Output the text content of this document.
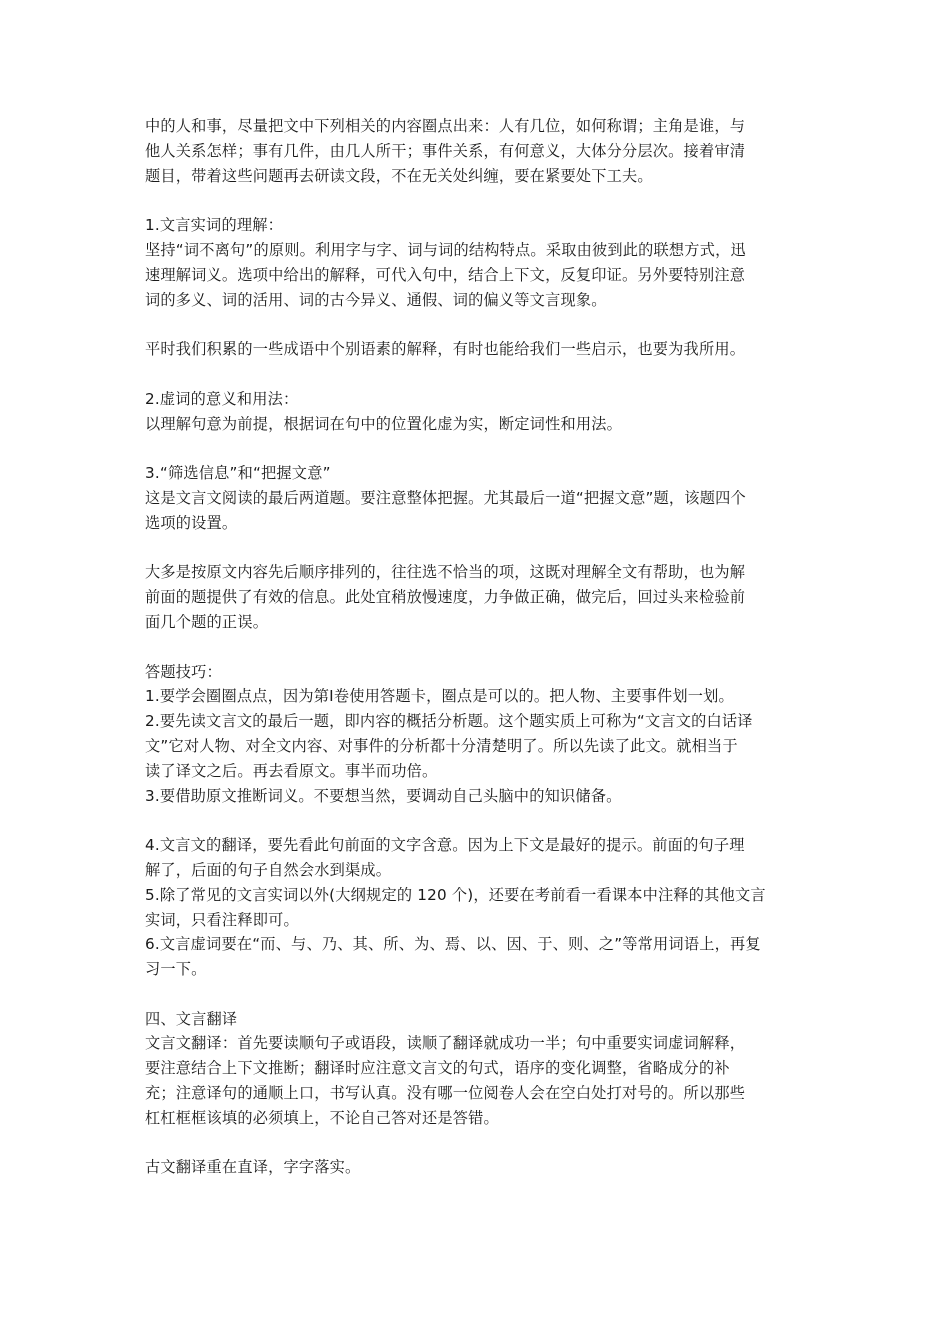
中的人和事，尽量把文中下列相关的内容圈点出来：人有几位，如何称谓；主角是谁，与
他人关系怎样；事有几件，由几人所干；事件关系，有何意义，大体分分层次。接着审清
题目，带着这些问题再去研读文段，不在无关处纠缠，要在紧要处下工夫。
1.文言实词的理解：
坚持“词不离句”的原则。利用字与字、词与词的结构特点。采取由彼到此的联想方式，迅
速理解词义。选项中给出的解释，可代入句中，结合上下文，反复印证。另外要特别注意
词的多义、词的活用、词的古今异义、通假、词的偏义等文言现象。
平时我们积累的一些成语中个别语素的解释，有时也能给我们一些启示，也要为我所用。
2.虚词的意义和用法：
以理解句意为前提，根据词在句中的位置化虚为实，断定词性和用法。
3.“筛选信息”和“把握文意”
这是文言文阅读的最后两道题。要注意整体把握。尤其最后一道“把握文意”题，该题四个
选项的设置。
大多是按原文内容先后顺序排列的，往往选不恰当的项，这既对理解全文有帮助，也为解
前面的题提供了有效的信息。此处宜稍放慢速度，力争做正确，做完后，回过头来检验前
面几个题的正误。
答题技巧：
1.要学会圈圈点点，因为第Ⅰ卷使用答题卡，圈点是可以的。把人物、主要事件划一划。
2.要先读文言文的最后一题，即内容的概括分析题。这个题实质上可称为“文言文的白话译
文”它对人物、对全文内容、对事件的分析都十分清楚明了。所以先读了此文。就相当于
读了译文之后。再去看原文。事半而功倍。
3.要借助原文推断词义。不要想当然，要调动自己头脑中的知识储备。
4.文言文的翻译，要先看此句前面的文字含意。因为上下文是最好的提示。前面的句子理
解了，后面的句子自然会水到渠成。
5.除了常见的文言实词以外(大纲规定的 120 个)，还要在考前看一看课本中注释的其他文言
实词，只看注释即可。
6.文言虚词要在“而、与、乃、其、所、为、焉、以、因、于、则、之”等常用词语上，再复
习一下。
四、文言翻译
文言文翻译：首先要读顺句子或语段，读顺了翻译就成功一半；句中重要实词虚词解释，
要注意结合上下文推断；翻译时应注意文言文的句式，语序的变化调整，省略成分的补
充；注意译句的通顺上口，书写认真。没有哪一位阅卷人会在空白处打对号的。所以那些
杠杠框框该填的必须填上，不论自己答对还是答错。
古文翻译重在直译，字字落实。
